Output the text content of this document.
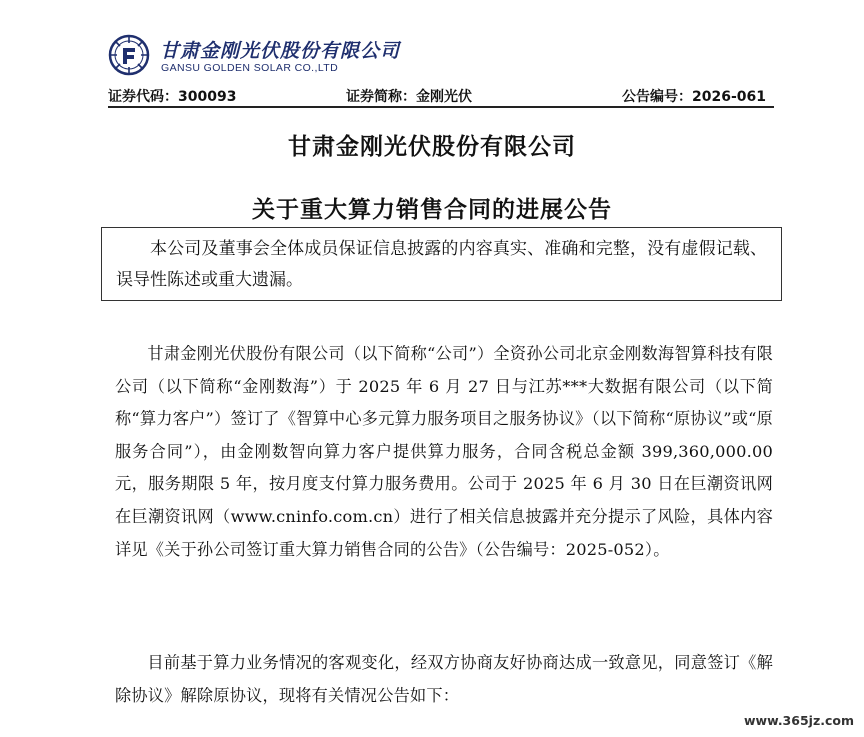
甘肃金刚光伏股份有限公司
GANSU GOLDEN SOLAR CO.,LTD
证券代码：300093	证券简称：金刚光伏	公告编号：2026-061
甘肃金刚光伏股份有限公司
关于重大算力销售合同的进展公告
本公司及董事会全体成员保证信息披露的内容真实、准确和完整，没有虚假记载、误导性陈述或重大遗漏。
甘肃金刚光伏股份有限公司（以下简称“公司”）全资孙公司北京金刚数海智算科技有限公司（以下简称“金刚数海”）于 2025 年 6 月 27 日与江苏***大数据有限公司（以下简称“算力客户”）签订了《智算中心多元算力服务项目之服务协议》（以下简称“原协议”或“原服务合同”），由金刚数智向算力客户提供算力服务，合同含税总金额 399,360,000.00 元，服务期限 5 年，按月度支付算力服务费用。公司于 2025 年 6 月 30 日在巨潮资讯网在巨潮资讯网（www.cninfo.com.cn）进行了相关信息披露并充分提示了风险，具体内容详见《关于孙公司签订重大算力销售合同的公告》（公告编号：2025-052）。
目前基于算力业务情况的客观变化，经双方协商友好协商达成一致意见，同意签订《解除协议》解除原协议，现将有关情况公告如下：
www.365jz.com
